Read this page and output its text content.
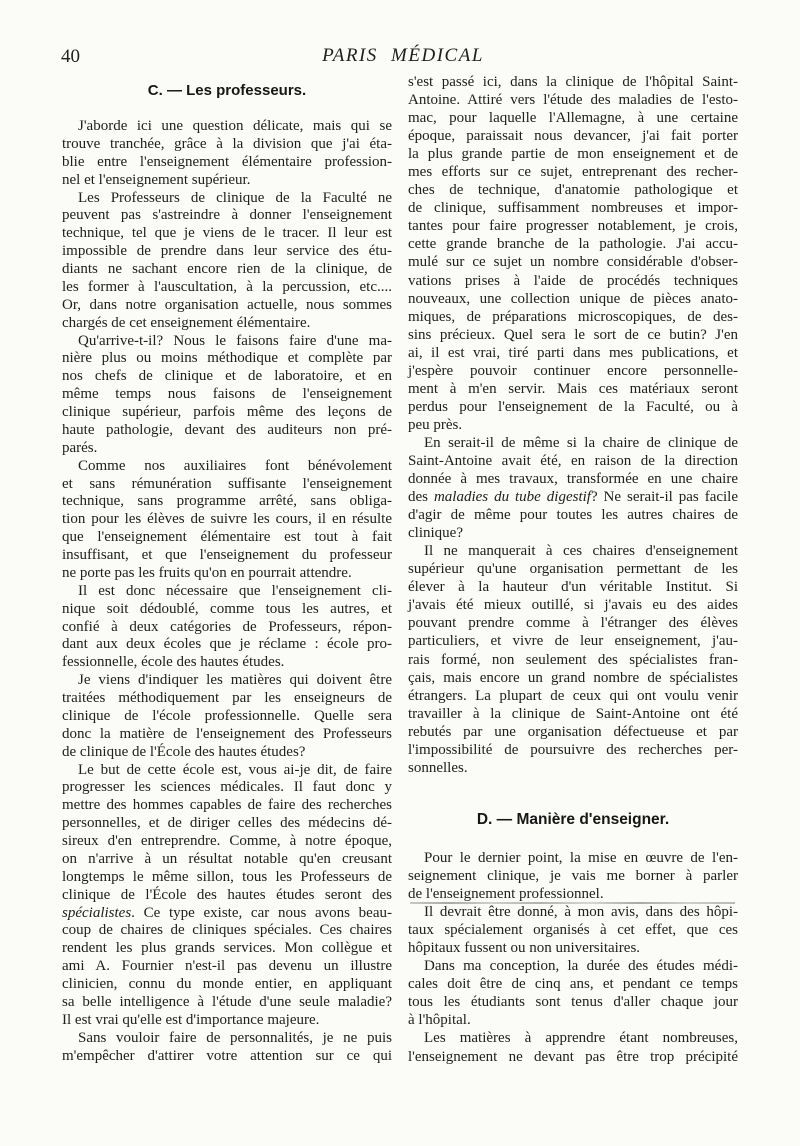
40	PARIS MÉDICAL
C. — Les professeurs.
J'aborde ici une question délicate, mais qui se
trouve tranchée, grâce à la division que j'ai éta-
blie entre l'enseignement élémentaire profession-
nel et l'enseignement supérieur.
Les Professeurs de clinique de la Faculté ne
peuvent pas s'astreindre à donner l'enseignement
technique, tel que je viens de le tracer. Il leur est
impossible de prendre dans leur service des étu-
diants ne sachant encore rien de la clinique, de
les former à l'auscultation, à la percussion, etc....
Or, dans notre organisation actuelle, nous sommes
chargés de cet enseignement élémentaire.
Qu'arrive-t-il? Nous le faisons faire d'une ma-
nière plus ou moins méthodique et complète par
nos chefs de clinique et de laboratoire, et en
même temps nous faisons de l'enseignement
clinique supérieur, parfois même des leçons de
haute pathologie, devant des auditeurs non pré-
parés.
Comme nos auxiliaires font bénévolement
et sans rémunération suffisante l'enseignement
technique, sans programme arrêté, sans obliga-
tion pour les élèves de suivre les cours, il en résulte
que l'enseignement élémentaire est tout à fait
insuffisant, et que l'enseignement du professeur
ne porte pas les fruits qu'on en pourrait attendre.
Il est donc nécessaire que l'enseignement cli-
nique soit dédoublé, comme tous les autres, et
confié à deux catégories de Professeurs, répon-
dant aux deux écoles que je réclame : école pro-
fessionnelle, école des hautes études.
Je viens d'indiquer les matières qui doivent être
traitées méthodiquement par les enseigneurs de
clinique de l'école professionnelle. Quelle sera
donc la matière de l'enseignement des Professeurs
de clinique de l'École des hautes études?
Le but de cette école est, vous ai-je dit, de faire
progresser les sciences médicales. Il faut donc y
mettre des hommes capables de faire des recherches
personnelles, et de diriger celles des médecins dé-
sireux d'en entreprendre. Comme, à notre époque,
on n'arrive à un résultat notable qu'en creusant
longtemps le même sillon, tous les Professeurs de
clinique de l'École des hautes études seront des
spécialistes. Ce type existe, car nous avons beau-
coup de chaires de cliniques spéciales. Ces chaires
rendent les plus grands services. Mon collègue et
ami A. Fournier n'est-il pas devenu un illustre
clinicien, connu du monde entier, en appliquant
sa belle intelligence à l'étude d'une seule maladie?
Il est vrai qu'elle est d'importance majeure.
Sans vouloir faire de personnalités, je ne puis
m'empêcher d'attirer votre attention sur ce qui
s'est passé ici, dans la clinique de l'hôpital Saint-
Antoine. Attiré vers l'étude des maladies de l'esto-
mac, pour laquelle l'Allemagne, à une certaine
époque, paraissait nous devancer, j'ai fait porter
la plus grande partie de mon enseignement et de
mes efforts sur ce sujet, entreprenant des recher-
ches de technique, d'anatomie pathologique et
de clinique, suffisamment nombreuses et impor-
tantes pour faire progresser notablement, je crois,
cette grande branche de la pathologie. J'ai accu-
mulé sur ce sujet un nombre considérable d'obser-
vations prises à l'aide de procédés techniques
nouveaux, une collection unique de pièces anato-
miques, de préparations microscopiques, de des-
sins précieux. Quel sera le sort de ce butin? J'en
ai, il est vrai, tiré parti dans mes publications, et
j'espère pouvoir continuer encore personnelle-
ment à m'en servir. Mais ces matériaux seront
perdus pour l'enseignement de la Faculté, ou à
peu près.
En serait-il de même si la chaire de clinique de
Saint-Antoine avait été, en raison de la direction
donnée à mes travaux, transformée en une chaire
des maladies du tube digestif? Ne serait-il pas facile
d'agir de même pour toutes les autres chaires de
clinique?
Il ne manquerait à ces chaires d'enseignement
supérieur qu'une organisation permettant de les
élever à la hauteur d'un véritable Institut. Si
j'avais été mieux outillé, si j'avais eu des aides
pouvant prendre comme à l'étranger des élèves
particuliers, et vivre de leur enseignement, j'au-
rais formé, non seulement des spécialistes fran-
çais, mais encore un grand nombre de spécialistes
étrangers. La plupart de ceux qui ont voulu venir
travailler à la clinique de Saint-Antoine ont été
rebutés par une organisation défectueuse et par
l'impossibilité de poursuivre des recherches per-
sonnelles.
D. — Manière d'enseigner.
Pour le dernier point, la mise en œuvre de l'en-
seignement clinique, je vais me borner à parler
de l'enseignement professionnel.
Il devrait être donné, à mon avis, dans des hôpi-
taux spécialement organisés à cet effet, que ces
hôpitaux fussent ou non universitaires.
Dans ma conception, la durée des études médi-
cales doit être de cinq ans, et pendant ce temps
tous les étudiants sont tenus d'aller chaque jour
à l'hôpital.
Les matières à apprendre étant nombreuses,
l'enseignement ne devant pas être trop précipité
